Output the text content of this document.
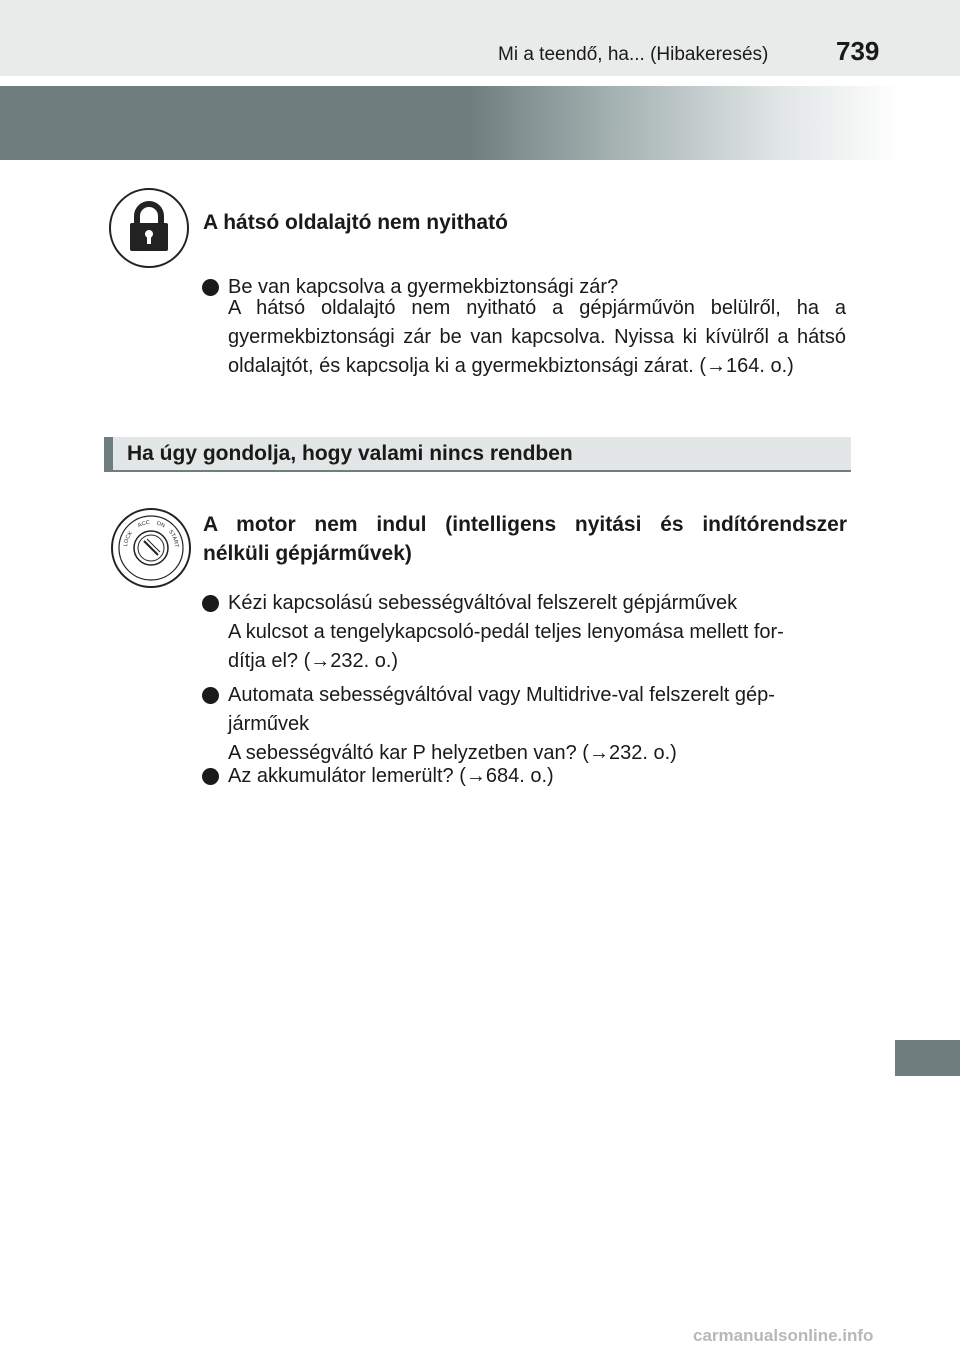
Mi a teendő, ha... (Hibakeresés)	739
A hátsó oldalajtó nem nyitható
Be van kapcsolva a gyermekbiztonsági zár?
A hátsó oldalajtó nem nyitható a gépjárművön belülről, ha a gyermekbiztonsági zár be van kapcsolva. Nyissa ki kívülről a hátsó oldalajtót, és kapcsolja ki a gyermekbiztonsági zárat. (→164. o.)
Ha úgy gondolja, hogy valami nincs rendben
LOCK
ACC ON
START
A motor nem indul (intelligens nyitási és indítórendszer
nélküli gépjárművek)
Kézi kapcsolású sebességváltóval felszerelt gépjárművek
A kulcsot a tengelykapcsoló-pedál teljes lenyomása mellett for-
dítja el? (→232. o.)
Automata sebességváltóval vagy Multidrive-val felszerelt gép-
járművek
A sebességváltó kar P helyzetben van? (→232. o.)
Az akkumulátor lemerült? (→684. o.)
carmanualsonline.info
